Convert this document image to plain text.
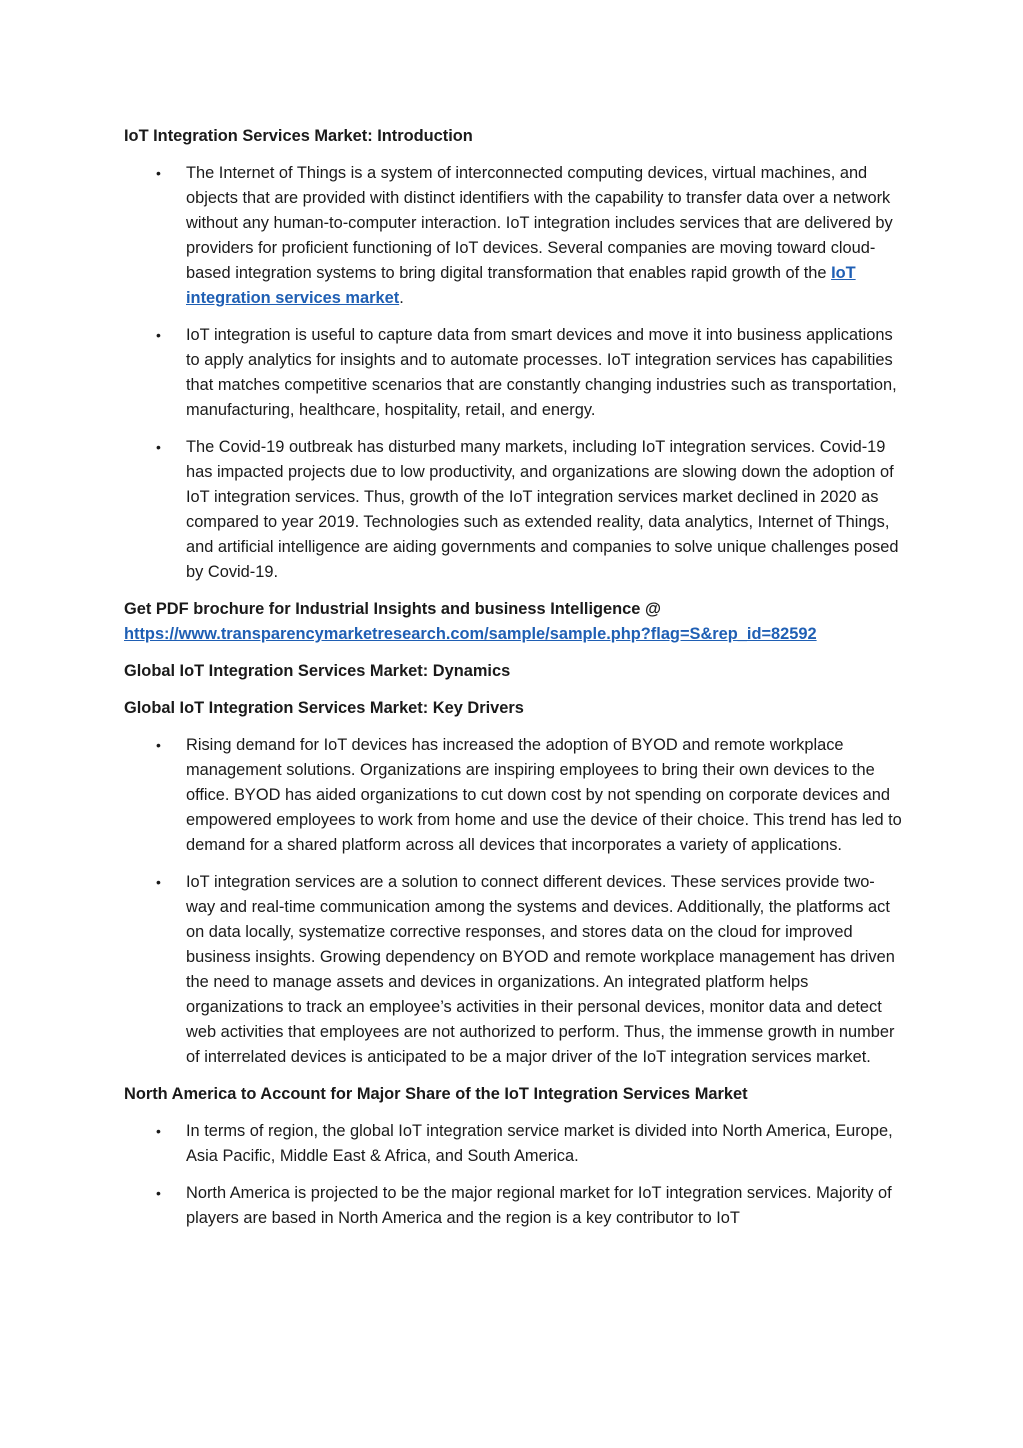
IoT Integration Services Market: Introduction
• The Internet of Things is a system of interconnected computing devices, virtual machines, and objects that are provided with distinct identifiers with the capability to transfer data over a network without any human-to-computer interaction. IoT integration includes services that are delivered by providers for proficient functioning of IoT devices. Several companies are moving toward cloud-based integration systems to bring digital transformation that enables rapid growth of the IoT integration services market.
• IoT integration is useful to capture data from smart devices and move it into business applications to apply analytics for insights and to automate processes. IoT integration services has capabilities that matches competitive scenarios that are constantly changing industries such as transportation, manufacturing, healthcare, hospitality, retail, and energy.
• The Covid-19 outbreak has disturbed many markets, including IoT integration services. Covid-19 has impacted projects due to low productivity, and organizations are slowing down the adoption of IoT integration services. Thus, growth of the IoT integration services market declined in 2020 as compared to year 2019. Technologies such as extended reality, data analytics, Internet of Things, and artificial intelligence are aiding governments and companies to solve unique challenges posed by Covid-19.
Get PDF brochure for Industrial Insights and business Intelligence @
https://www.transparencymarketresearch.com/sample/sample.php?flag=S&rep_id=82592
Global IoT Integration Services Market: Dynamics
Global IoT Integration Services Market: Key Drivers
• Rising demand for IoT devices has increased the adoption of BYOD and remote workplace management solutions. Organizations are inspiring employees to bring their own devices to the office. BYOD has aided organizations to cut down cost by not spending on corporate devices and empowered employees to work from home and use the device of their choice. This trend has led to demand for a shared platform across all devices that incorporates a variety of applications.
• IoT integration services are a solution to connect different devices. These services provide two-way and real-time communication among the systems and devices. Additionally, the platforms act on data locally, systematize corrective responses, and stores data on the cloud for improved business insights. Growing dependency on BYOD and remote workplace management has driven the need to manage assets and devices in organizations. An integrated platform helps organizations to track an employee’s activities in their personal devices, monitor data and detect web activities that employees are not authorized to perform. Thus, the immense growth in number of interrelated devices is anticipated to be a major driver of the IoT integration services market.
North America to Account for Major Share of the IoT Integration Services Market
• In terms of region, the global IoT integration service market is divided into North America, Europe, Asia Pacific, Middle East & Africa, and South America.
• North America is projected to be the major regional market for IoT integration services. Majority of players are based in North America and the region is a key contributor to IoT
